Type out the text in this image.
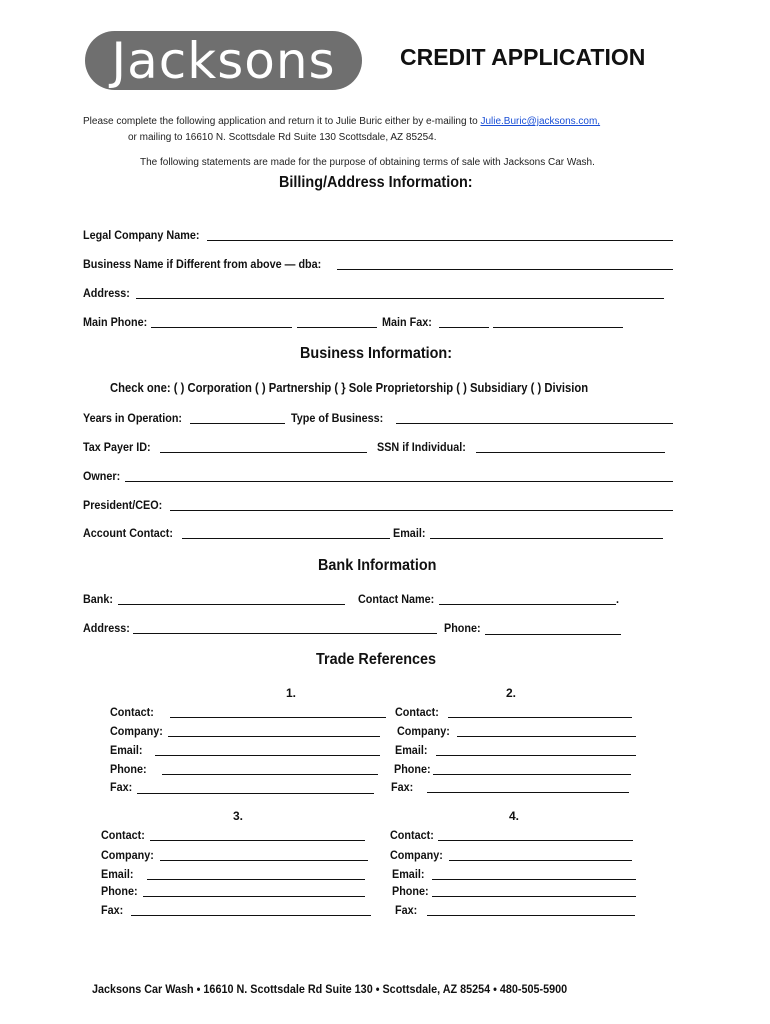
Jacksons	CREDIT APPLICATION
Please complete the following application and return it to Julie Buric either by e-mailing to Julie.Buric@jacksons.com,
or mailing to 16610 N. Scottsdale Rd Suite 130 Scottsdale, AZ 85254.
The following statements are made for the purpose of obtaining terms of sale with Jacksons Car Wash.
Billing/Address Information:
Legal Company Name:
Business Name if Different from above — dba:
Address:
Main Phone:	Main Fax:
Business Information:
Check one: ( ) Corporation ( ) Partnership ( } Sole Proprietorship ( ) Subsidiary ( ) Division
Years in Operation:	Type of Business:
Tax Payer ID:	SSN if Individual:
Owner:
President/CEO:
Account Contact:	Email:
Bank Information
Bank:	Contact Name:	.
Address:	Phone:
Trade References
1.
Contact:
Company:
Email:
Phone:
Fax:
2.
Contact:
Company:
Email:
Phone:
Fax:
3.
Contact:
Company:
Email:
Phone:
Fax:
4.
Contact:
Company:
Email:
Phone:
Fax:
Jacksons Car Wash • 16610 N. Scottsdale Rd Suite 130 • Scottsdale, AZ 85254 • 480-505-5900
